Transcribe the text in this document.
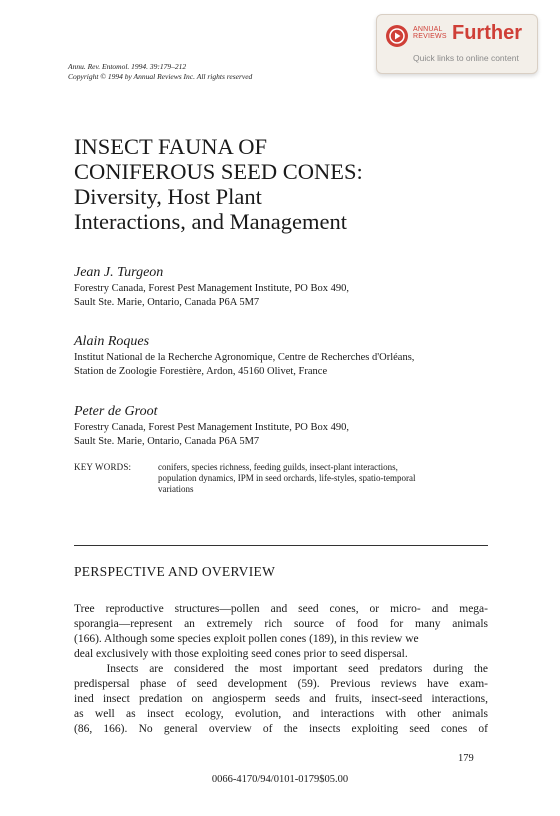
ANNUAL
REVIEWS Further
Quick links to online content
Annu. Rev. Entomol. 1994. 39:179–212
Copyright © 1994 by Annual Reviews Inc. All rights reserved
INSECT FAUNA OF
CONIFEROUS SEED CONES:
Diversity, Host Plant
Interactions, and Management
Jean J. Turgeon
Forestry Canada, Forest Pest Management Institute, PO Box 490,
Sault Ste. Marie, Ontario, Canada P6A 5M7
Alain Roques
Institut National de la Recherche Agronomique, Centre de Recherches d'Orléans,
Station de Zoologie Forestière, Ardon, 45160 Olivet, France
Peter de Groot
Forestry Canada, Forest Pest Management Institute, PO Box 490,
Sault Ste. Marie, Ontario, Canada P6A 5M7
KEY WORDS:	conifers, species richness, feeding guilds, insect-plant interactions,
population dynamics, IPM in seed orchards, life-styles, spatio-temporal
variations
PERSPECTIVE AND OVERVIEW
Tree reproductive structures—pollen and seed cones, or micro- and mega-
sporangia—represent an extremely rich source of food for many animals
(166). Although some species exploit pollen cones (189), in this review we
deal exclusively with those exploiting seed cones prior to seed dispersal.
Insects are considered the most important seed predators during the
predispersal phase of seed development (59). Previous reviews have exam-
ined insect predation on angiosperm seeds and fruits, insect-seed interactions,
as well as insect ecology, evolution, and interactions with other animals
(86, 166). No general overview of the insects exploiting seed cones of
179
0066-4170/94/0101-0179$05.00
